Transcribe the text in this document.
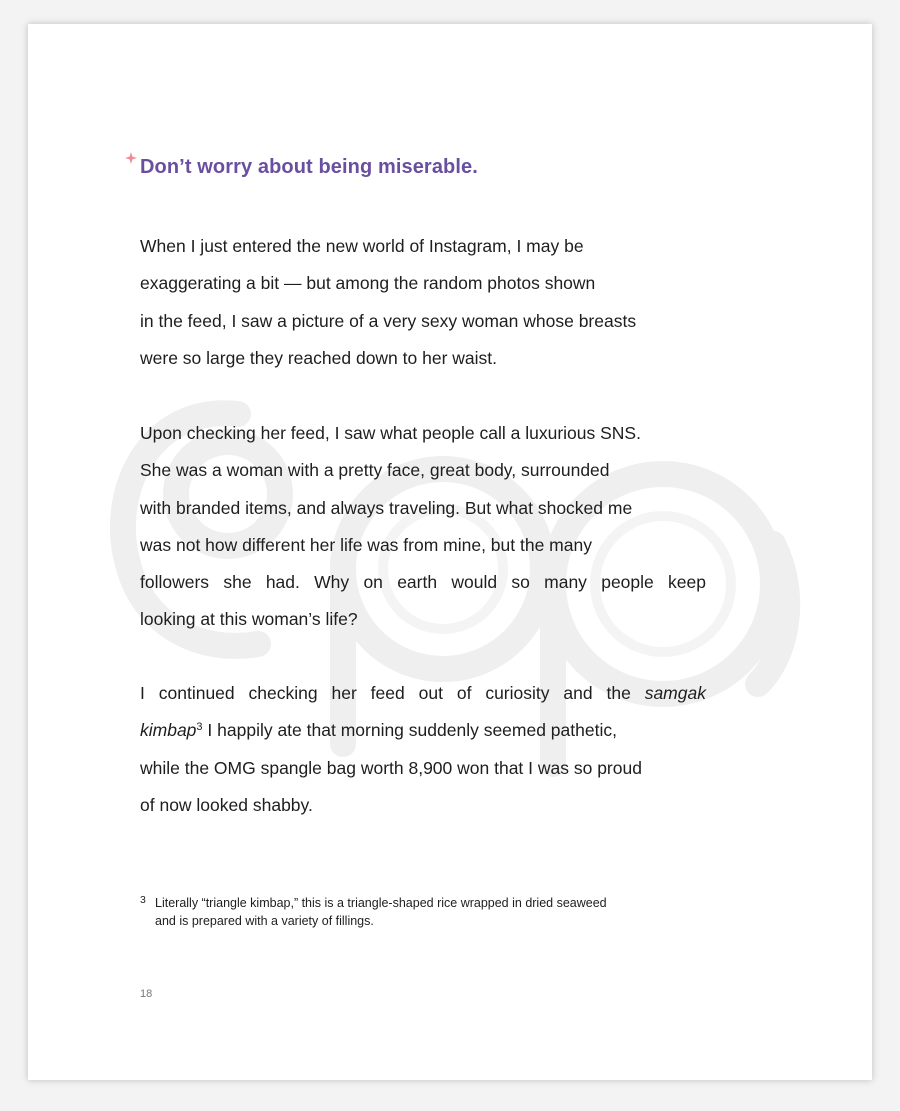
Don’t worry about being miserable.

When I just entered the new world of Instagram, I may be
exaggerating a bit — but among the random photos shown
in the feed, I saw a picture of a very sexy woman whose breasts
were so large they reached down to her waist.

Upon checking her feed, I saw what people call a luxurious SNS.
She was a woman with a pretty face, great body, surrounded
with branded items, and always traveling. But what shocked me
was not how different her life was from mine, but the many
followers she had. Why on earth would so many people keep
looking at this woman’s life?

I continued checking her feed out of curiosity and the samgak
kimbap$^3$ I happily ate that morning suddenly seemed pathetic,
while the OMG spangle bag worth 8,900 won that I was so proud
of now looked shabby.

3 Literally “triangle kimbap,” this is a triangle-shaped rice wrapped in dried seaweed
and is prepared with a variety of fillings.
18
